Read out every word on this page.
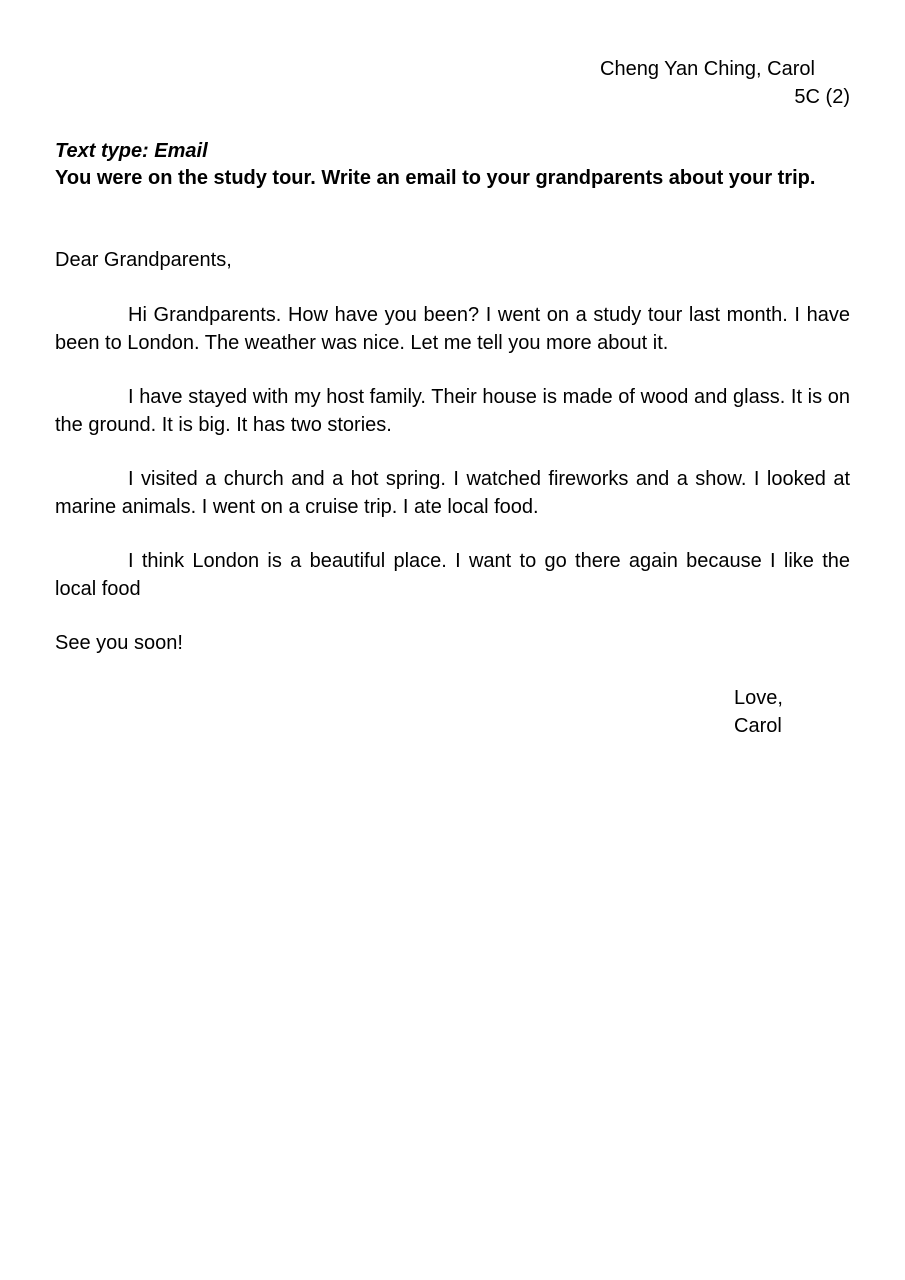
Cheng Yan Ching, Carol
5C (2)
Text type: Email
You were on the study tour. Write an email to your grandparents about your trip.
Dear Grandparents,
Hi Grandparents. How have you been? I went on a study tour last month. I have been to London. The weather was nice. Let me tell you more about it.
I have stayed with my host family. Their house is made of wood and glass. It is on the ground. It is big. It has two stories.
I visited a church and a hot spring. I watched fireworks and a show. I looked at marine animals. I went on a cruise trip. I ate local food.
I think London is a beautiful place. I want to go there again because I like the local food
See you soon!
Love,
Carol
